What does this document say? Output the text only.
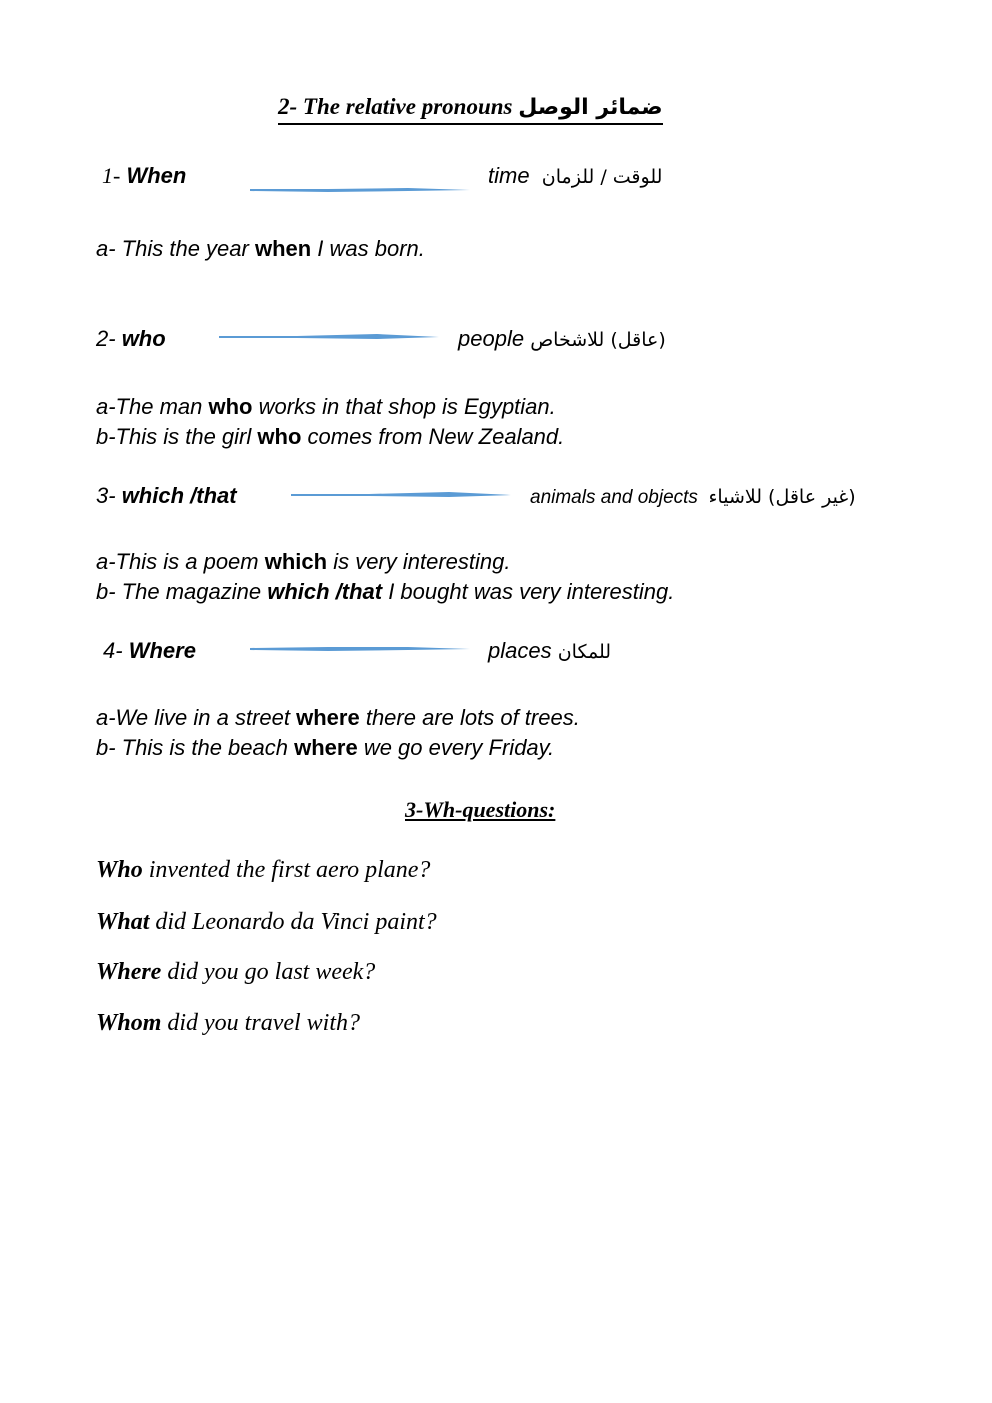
2- The relative pronouns ضمائر الوصل
1- When	time للوقت / للزمان
a- This the year when I was born.
2- who	people (عاقل) للاشخاص
a-The man who works in that shop is Egyptian.
b-This is the girl who comes from New Zealand.
3- which /that	animals and objects (غير عاقل) للاشياء
a-This is a poem which is very interesting.
b- The magazine which /that I bought was very interesting.
4- Where	places للمكان
a-We live in a street where there are lots of trees.
b- This is the beach where we go every Friday.
3-Wh-questions:
Who invented the first aero plane?
What did Leonardo da Vinci paint?
Where did you go last week?
Whom did you travel with?
